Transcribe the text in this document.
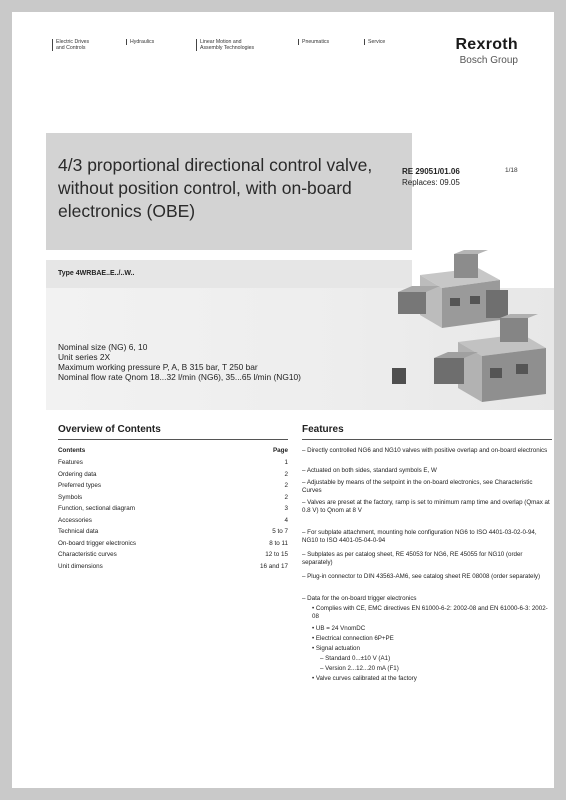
Electric Drives
and Controls
Hydraulics	Linear Motion and
Assembly Technologies
Pneumatics	Service	Rexroth
Bosch Group
4/3 proportional directional control valve, without position control, with on-board electronics (OBE)
RE 29051/01.06	1/18
Replaces: 09.05
Type 4WRBAE..E../..W..
Nominal size (NG) 6, 10
Unit series 2X
Maximum working pressure P, A, B 315 bar, T 250 bar
Nominal flow rate Qnom 18...32 l/min (NG6), 35...65 l/min (NG10)
Overview of Contents	Features
Contents	Page
Features	1
Ordering data	2
Preferred types	2
Symbols	2
Function, sectional diagram	3
Accessories	4
Technical data	5 to 7
On-board trigger electronics	8 to 11
Characteristic curves	12 to 15
Unit dimensions	16 and 17
– Directly controlled NG6 and NG10 valves with positive overlap and on-board electronics
– Actuated on both sides, standard symbols E, W
– Adjustable by means of the setpoint in the on-board electronics, see Characteristic Curves
– Valves are preset at the factory, ramp is set to minimum ramp time and overlap (Qmax at 0.8 V) to Qnom at 8 V
– For subplate attachment, mounting hole configuration NG6 to ISO 4401-03-02-0-94, NG10 to ISO 4401-05-04-0-94
– Subplates as per catalog sheet, RE 45053 for NG6, RE 45055 for NG10 (order separately)
– Plug-in connector to DIN 43563-AM6, see catalog sheet RE 08008 (order separately)
– Data for the on-board trigger electronics
• Complies with CE, EMC directives EN 61000-6-2: 2002-08 and EN 61000-6-3: 2002-08
• UB = 24 VnomDC
• Electrical connection 6P+PE
• Signal actuation
– Standard 0...±10 V (A1)
– Version 2...12...20 mA (F1)
• Valve curves calibrated at the factory
